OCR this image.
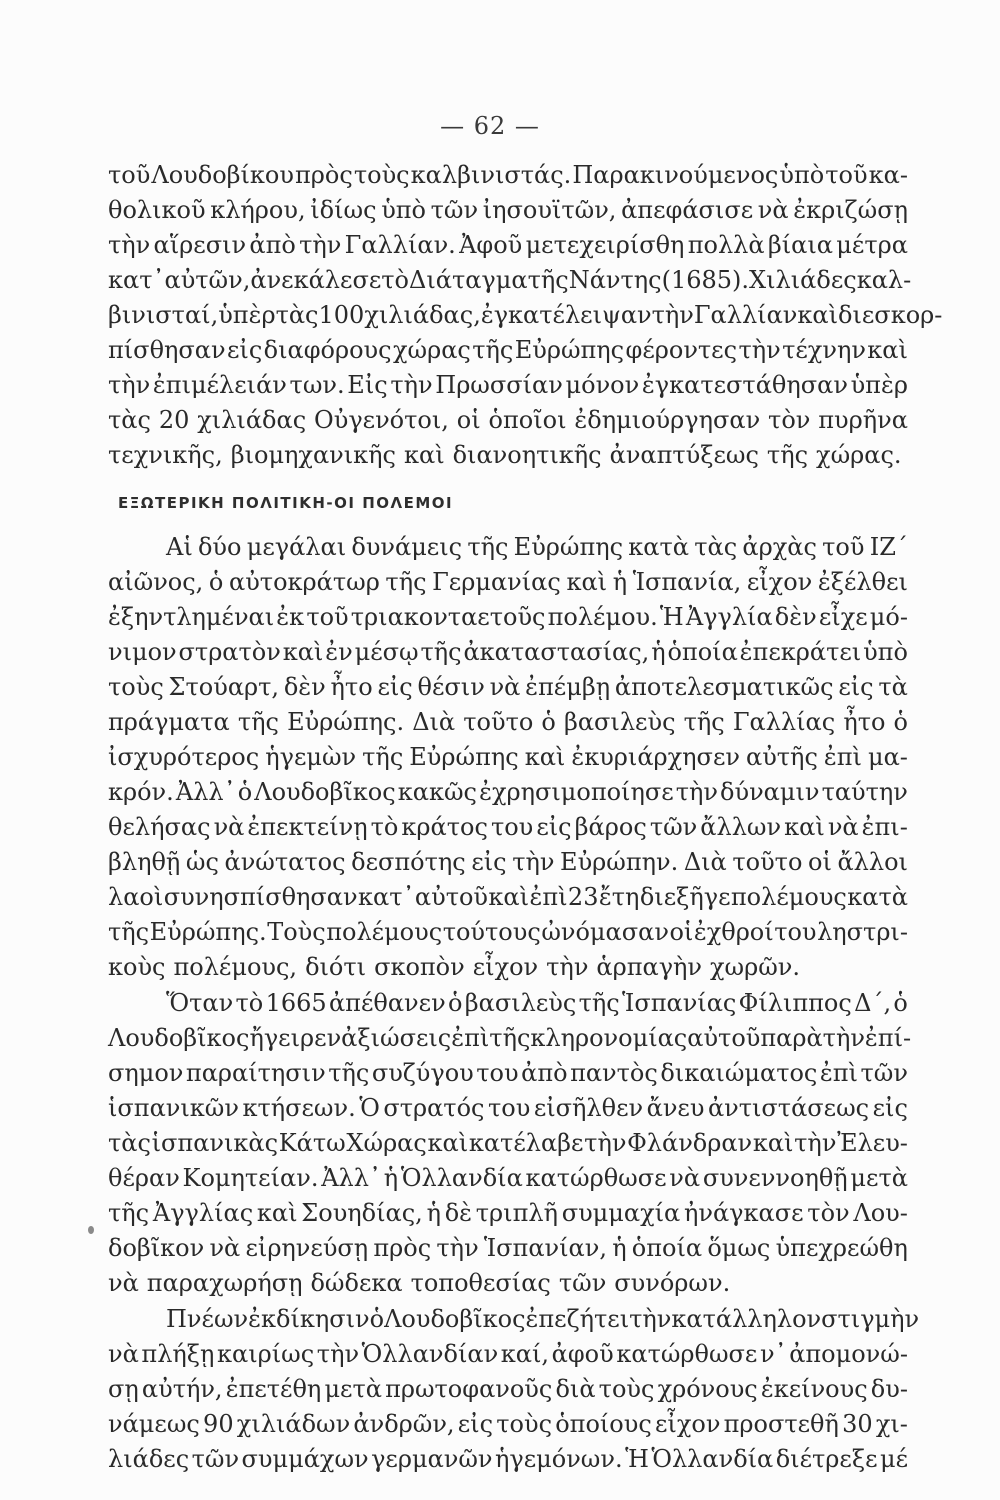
— 62 —
τοῦ Λουδοβίκου πρὸς τοὺς καλβινιστάς. Παρακινούμενος ὑπὸ τοῦ κα-
θολικοῦ κλήρου, ἰδίως ὑπὸ τῶν ἰησουϊτῶν, ἀπεφάσισε νὰ ἐκριζώσῃ
τὴν αἵρεσιν ἀπὸ τὴν Γαλλίαν. Ἀφοῦ μετεχειρίσθη πολλὰ βίαια μέτρα
κατ᾽ αὐτῶν, ἀνεκάλεσε τὸ Διάταγμα τῆς Νάντης (1685). Χιλιάδες καλ-
βινισταί, ὑπὲρ τὰς 100 χιλιάδας, ἐγκατέλειψαν τὴν Γαλλίαν καὶ διεσκορ-
πίσθησαν εἰς διαφόρους χώρας τῆς Εὐρώπης φέροντες τὴν τέχνην καὶ
τὴν ἐπιμέλειάν των. Εἰς τὴν Πρωσσίαν μόνον ἐγκατεστάθησαν ὑπὲρ
τὰς 20 χιλιάδας Οὐγενότοι, οἱ ὁποῖοι ἐδημιούργησαν τὸν πυρῆνα
τεχνικῆς, βιομηχανικῆς καὶ διανοητικῆς ἀναπτύξεως τῆς χώρας.
ΕΞΩΤΕΡΙΚΗ ΠΟΛΙΤΙΚΗ-ΟΙ ΠΟΛΕΜΟΙ
Αἱ δύο μεγάλαι δυνάμεις τῆς Εὐρώπης κατὰ τὰς ἀρχὰς τοῦ ΙΖ´
αἰῶνος, ὁ αὐτοκράτωρ τῆς Γερμανίας καὶ ἡ Ἱσπανία, εἶχον ἐξέλθει
ἐξηντλημέναι ἐκ τοῦ τριακονταετοῦς πολέμου. Ἡ Ἀγγλία δὲν εἶχε μό-
νιμον στρατὸν καὶ ἐν μέσῳ τῆς ἀκαταστασίας, ἡ ὁποία ἐπεκράτει ὑπὸ
τοὺς Στούαρτ, δὲν ἦτο εἰς θέσιν νὰ ἐπέμβῃ ἀποτελεσματικῶς εἰς τὰ
πράγματα τῆς Εὐρώπης. Διὰ τοῦτο ὁ βασιλεὺς τῆς Γαλλίας ἦτο ὁ
ἰσχυρότερος ἡγεμὼν τῆς Εὐρώπης καὶ ἐκυριάρχησεν αὐτῆς ἐπὶ μα-
κρόν. Ἀλλ᾽ ὁ Λουδοβῖκος κακῶς ἐχρησιμοποίησε τὴν δύναμιν ταύτην
θελήσας νὰ ἐπεκτείνῃ τὸ κράτος του εἰς βάρος τῶν ἄλλων καὶ νὰ ἐπι-
βληθῇ ὡς ἀνώτατος δεσπότης εἰς τὴν Εὐρώπην. Διὰ τοῦτο οἱ ἄλλοι
λαοὶ συνησπίσθησαν κατ᾽ αὐτοῦ καὶ ἐπὶ 23 ἔτη διεξῆγε πολέμους κατὰ
τῆς Εὐρώπης. Τοὺς πολέμους τούτους ὠνόμασαν οἱ ἐχθροί του ληστρι-
κοὺς πολέμους, διότι σκοπὸν εἶχον τὴν ἁρπαγὴν χωρῶν.
Ὅταν τὸ 1665 ἀπέθανεν ὁ βασιλεὺς τῆς Ἱσπανίας Φίλιππος Δ´, ὁ
Λουδοβῖκος ἤγειρεν ἀξιώσεις ἐπὶ τῆς κληρονομίας αὐτοῦ παρὰ τὴν ἐπί-
σημον παραίτησιν τῆς συζύγου του ἀπὸ παντὸς δικαιώματος ἐπὶ τῶν
ἱσπανικῶν κτήσεων. Ὁ στρατός του εἰσῆλθεν ἄνευ ἀντιστάσεως εἰς
τὰς ἱσπανικὰς Κάτω Χώρας καὶ κατέλαβε τὴν Φλάνδραν καὶ τὴν Ἐλευ-
θέραν Κομητείαν. Ἀλλ᾽ ἡ Ὁλλανδία κατώρθωσε νὰ συνεννοηθῇ μετὰ
τῆς Ἀγγλίας καὶ Σουηδίας, ἡ δὲ τριπλῆ συμμαχία ἠνάγκασε τὸν Λου-
δοβῖκον νὰ εἰρηνεύσῃ πρὸς τὴν Ἱσπανίαν, ἡ ὁποία ὅμως ὑπεχρεώθη
νὰ παραχωρήσῃ δώδεκα τοποθεσίας τῶν συνόρων.
Πνέων ἐκδίκησιν ὁ Λουδοβῖκος ἐπεζήτει τὴν κατάλληλον στιγμὴν
νὰ πλήξῃ καιρίως τὴν Ὁλλανδίαν καί, ἀφοῦ κατώρθωσε ν᾽ ἀπομονώ-
σῃ αὐτήν, ἐπετέθη μετὰ πρωτοφανοῦς διὰ τοὺς χρόνους ἐκείνους δυ-
νάμεως 90 χιλιάδων ἀνδρῶν, εἰς τοὺς ὁποίους εἶχον προστεθῆ 30 χι-
λιάδες τῶν συμμάχων γερμανῶν ἡγεμόνων. Ἡ Ὁλλανδία διέτρεξε μέ
